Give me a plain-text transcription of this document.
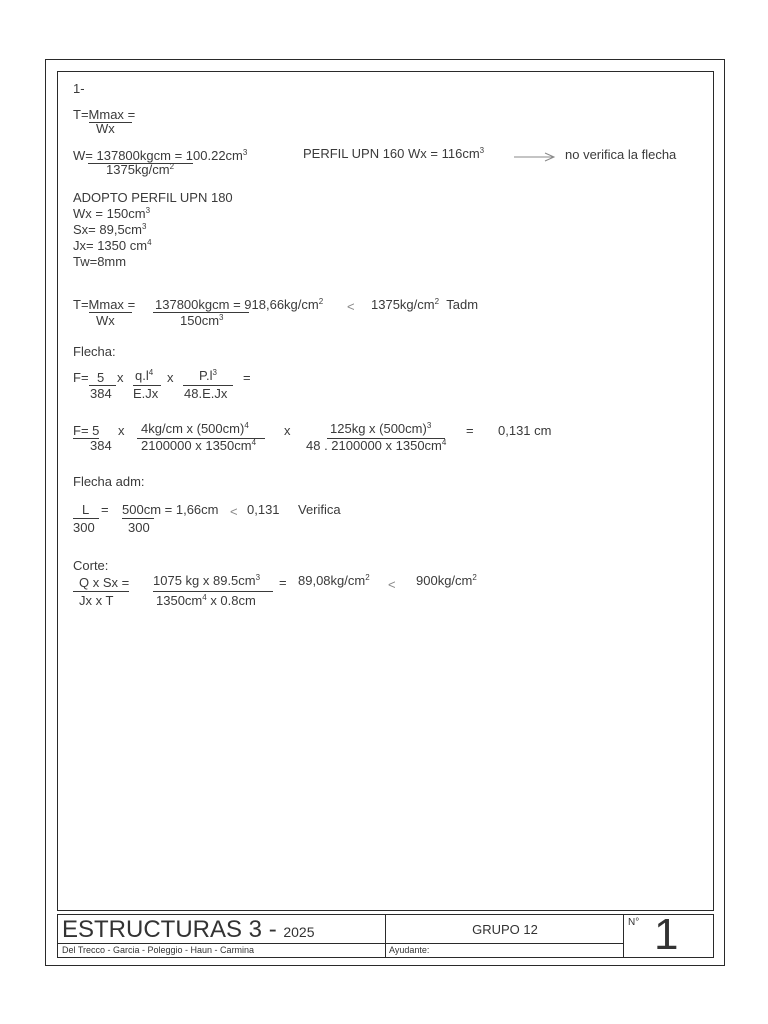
1-
T=Mmax =
Wx
W= 137800kgcm = $100.22cm^3$
$1375kg/cm^2$
PERFIL UPN 160 $Wx = 116cm^3$	no verifica la flecha
ADOPTO PERFIL UPN 180
$Wx = 150cm^3$
$Sx= 89,5cm^3$
Jx= 1350 $cm^4$
Tw=8mm
T=Mmax =
Wx
137800kgcm = $918,66kg/cm^2$
$150cm^3$
< $1375kg/cm^2$ Tadm
Flecha:
F= 5
384
x $q.l^4$
E.Jx
x $P.l^3$
48.E.Jx
=
F= 5
384
x 4kg/cm x $(500cm)^4$
2100000 x $1350cm^4$
x	125kg x $(500cm)^3$
48 . 2100000 x $1350cm^4$
= 0,131 cm
Flecha adm:
L =
300
500cm = 1,66cm
300
< 0,131 Verifica
Corte:
Q x Sx =
Jx x T
1075 kg x $89.5cm^3$
$1350cm^4$ x 0.8cm
= $89,08kg/cm^2 < 900kg/cm^2$
ESTRUCTURAS 3 - 2025
Del Trecco - Garcia - Poleggio - Haun - Carmina
GRUPO 12
Ayudante:
N° 1
